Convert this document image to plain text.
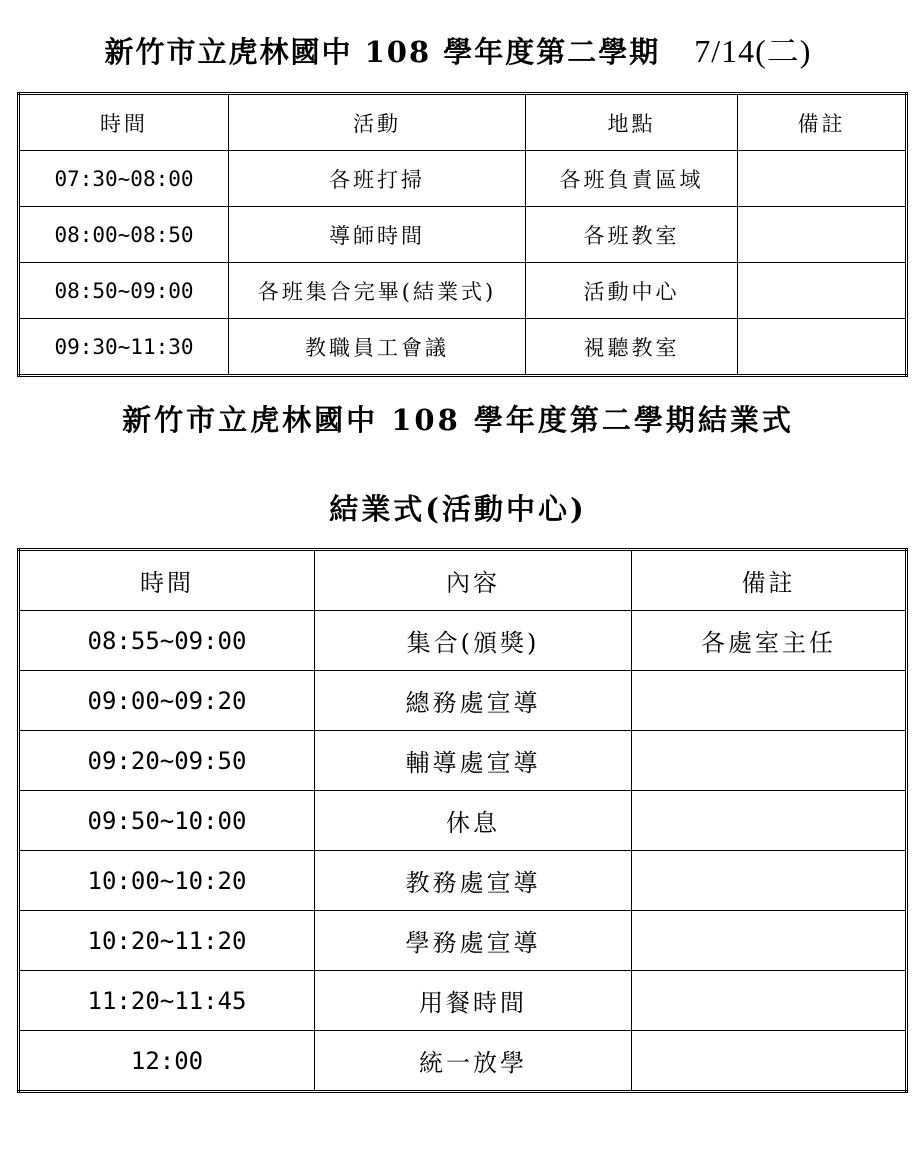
新竹市立虎林國中 108 學年度第二學期 7/14(二)
時間	活動	地點	備註
07:30~08:00	各班打掃	各班負責區域	
08:00~08:50	導師時間	各班教室	
08:50~09:00	各班集合完畢(結業式)	活動中心	
09:30~11:30	教職員工會議	視聽教室	
新竹市立虎林國中 108 學年度第二學期結業式
結業式(活動中心)
時間	內容	備註
08:55~09:00	集合(頒獎)	各處室主任
09:00~09:20	總務處宣導	
09:20~09:50	輔導處宣導	
09:50~10:00	休息	
10:00~10:20	教務處宣導	
10:20~11:20	學務處宣導	
11:20~11:45	用餐時間	
12:00	統一放學	
